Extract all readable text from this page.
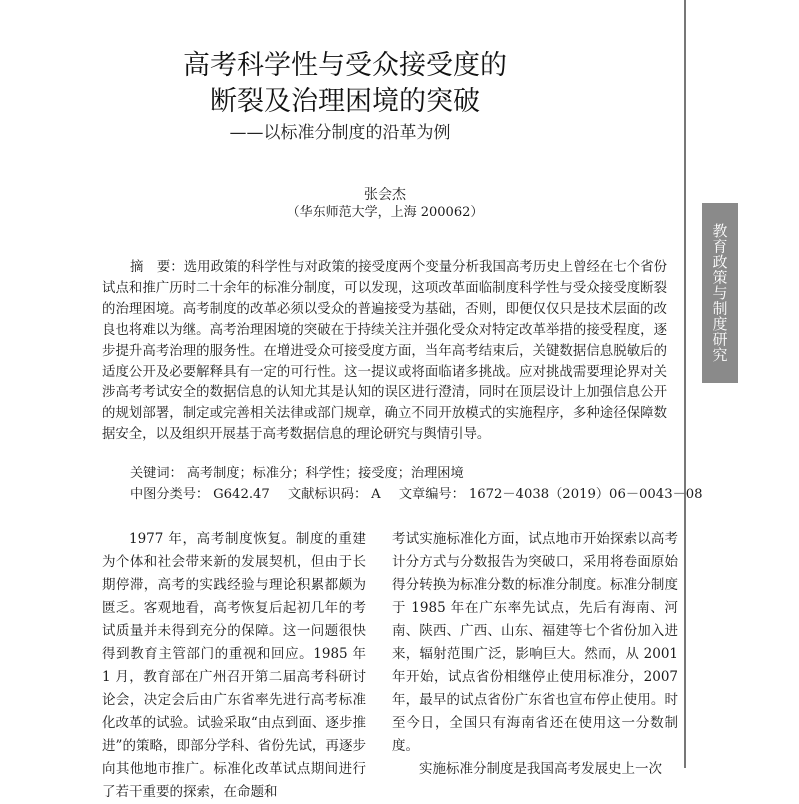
教育政策与制度研究
高考科学性与受众接受度的
断裂及治理困境的突破
——以标准分制度的沿革为例
张会杰
（华东师范大学，上海 200062）
摘　要：选用政策的科学性与对政策的接受度两个变量分析我国高考历史上曾经在七个省份试点和推广历时二十余年的标准分制度，可以发现，这项改革面临制度科学性与受众接受度断裂的治理困境。高考制度的改革必须以受众的普遍接受为基础，否则，即便仅仅只是技术层面的改良也将难以为继。高考治理困境的突破在于持续关注并强化受众对特定改革举措的接受程度，逐步提升高考治理的服务性。在增进受众可接受度方面，当年高考结束后，关键数据信息脱敏后的适度公开及必要解释具有一定的可行性。这一提议或将面临诸多挑战。应对挑战需要理论界对关涉高考考试安全的数据信息的认知尤其是认知的误区进行澄清，同时在顶层设计上加强信息公开的规划部署，制定或完善相关法律或部门规章，确立不同开放模式的实施程序，多种途径保障数据安全，以及组织开展基于高考数据信息的理论研究与舆情引导。
关键词： 高考制度；标准分；科学性；接受度；治理困境
中图分类号： G642.47 文献标识码： A 文章编号： 1672－4038（2019）06－0043－08
1977 年，高考制度恢复。制度的重建为个体和社会带来新的发展契机，但由于长期停滞，高考的实践经验与理论积累都颇为匮乏。客观地看，高考恢复后起初几年的考试质量并未得到充分的保障。这一问题很快得到教育主管部门的重视和回应。1985 年 1 月，教育部在广州召开第二届高考科研讨论会，决定会后由广东省率先进行高考标准化改革的试验。试验采取“由点到面、逐步推进”的策略，即部分学科、省份先试，再逐步向其他地市推广。标准化改革试点期间进行了若干重要的探索，在命题和

考试实施标准化方面，试点地市开始探索以高考计分方式与分数报告为突破口，采用将卷面原始得分转换为标准分数的标准分制度。标准分制度于 1985 年在广东率先试点，先后有海南、河南、陕西、广西、山东、福建等七个省份加入进来，辐射范围广泛，影响巨大。然而，从 2001 年开始，试点省份相继停止使用标准分，2007 年，最早的试点省份广东省也宣布停止使用。时至今日，全国只有海南省还在使用这一分数制度。

实施标准分制度是我国高考发展史上一次
